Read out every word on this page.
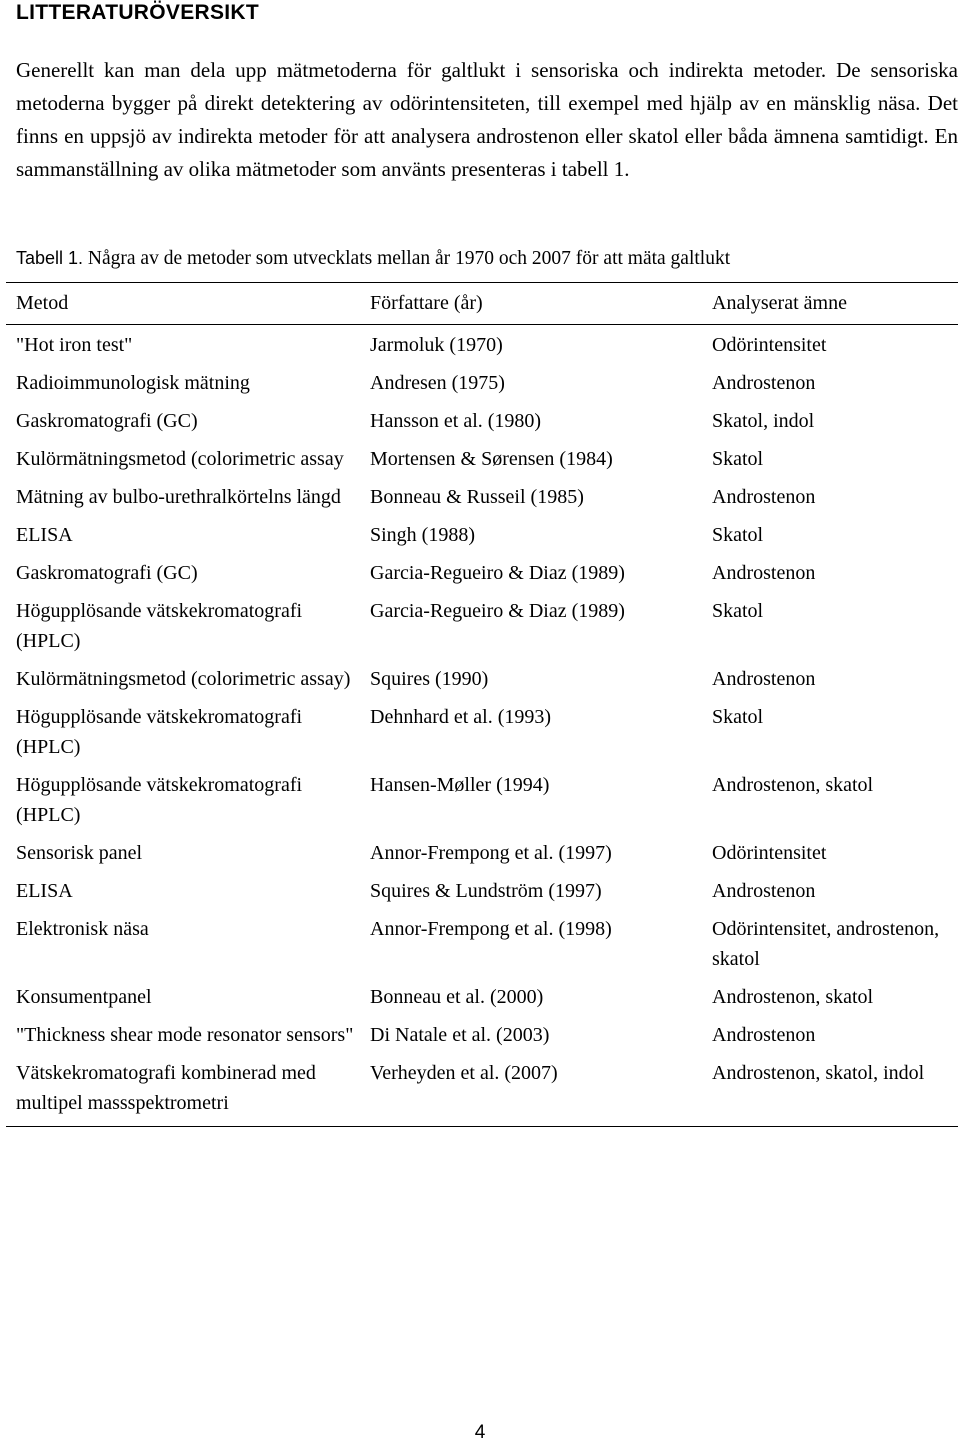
LITTERATURÖVERSIKT

Generellt kan man dela upp mätmetoderna för galtlukt i sensoriska och indirekta metoder. De sensoriska metoderna bygger på direkt detektering av odörintensiteten, till exempel med hjälp av en mänsklig näsa. Det finns en uppsjö av indirekta metoder för att analysera androstenon eller skatol eller båda ämnena samtidigt. En sammanställning av olika mätmetoder som använts presenteras i tabell 1.

Tabell 1. Några av de metoder som utvecklats mellan år 1970 och 2007 för att mäta galtlukt

Metod	Författare (år)	Analyserat ämne
"Hot iron test"	Jarmoluk (1970)	Odörintensitet
Radioimmunologisk mätning	Andresen (1975)	Androstenon
Gaskromatografi (GC)	Hansson et al. (1980)	Skatol, indol
Kulörmätningsmetod (colorimetric assay	Mortensen & Sørensen (1984)	Skatol
Mätning av bulbo-urethralkörtelns längd	Bonneau & Russeil (1985)	Androstenon
ELISA	Singh (1988)	Skatol
Gaskromatografi (GC)	Garcia-Regueiro & Diaz (1989)	Androstenon
Högupplösande vätskekromatografi (HPLC)	Garcia-Regueiro & Diaz (1989)	Skatol
Kulörmätningsmetod (colorimetric assay)	Squires (1990)	Androstenon
Högupplösande vätskekromatografi (HPLC)	Dehnhard et al. (1993)	Skatol
Högupplösande vätskekromatografi (HPLC)	Hansen-Møller (1994)	Androstenon, skatol
Sensorisk panel	Annor-Frempong et al. (1997)	Odörintensitet
ELISA	Squires & Lundström (1997)	Androstenon
Elektronisk näsa	Annor-Frempong et al. (1998)	Odörintensitet, androstenon, skatol
Konsumentpanel	Bonneau et al. (2000)	Androstenon, skatol
"Thickness shear mode resonator sensors"	Di Natale et al. (2003)	Androstenon
Vätskekromatografi kombinerad med multipel massspektrometri	Verheyden et al. (2007)	Androstenon, skatol, indol
4
